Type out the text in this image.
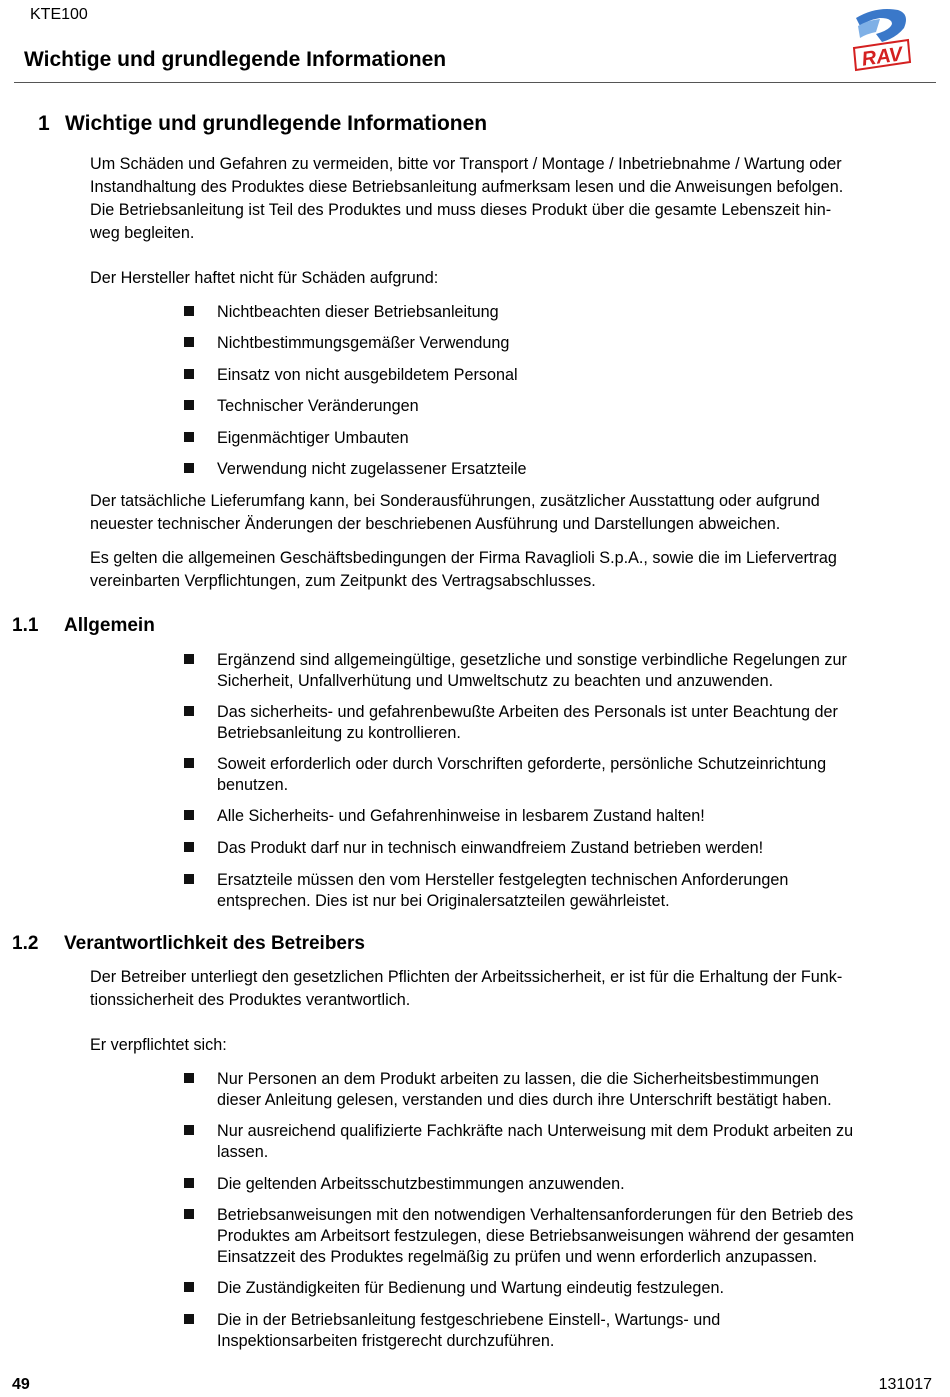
KTE100
Wichtige und grundlegende Informationen	RAV
1 Wichtige und grundlegende Informationen
Um Schäden und Gefahren zu vermeiden, bitte vor Transport / Montage / Inbetriebnahme / Wartung oder
Instandhaltung des Produktes diese Betriebsanleitung aufmerksam lesen und die Anweisungen befolgen.
Die Betriebsanleitung ist Teil des Produktes und muss dieses Produkt über die gesamte Lebenszeit hin-
weg begleiten.
Der Hersteller haftet nicht für Schäden aufgrund:
Nichtbeachten dieser Betriebsanleitung
Nichtbestimmungsgemäßer Verwendung
Einsatz von nicht ausgebildetem Personal
Technischer Veränderungen
Eigenmächtiger Umbauten
Verwendung nicht zugelassener Ersatzteile
Der tatsächliche Lieferumfang kann, bei Sonderausführungen, zusätzlicher Ausstattung oder aufgrund
neuester technischer Änderungen der beschriebenen Ausführung und Darstellungen abweichen.
Es gelten die allgemeinen Geschäftsbedingungen der Firma Ravaglioli S.p.A., sowie die im Liefervertrag
vereinbarten Verpflichtungen, zum Zeitpunkt des Vertragsabschlusses.
1.1 Allgemein
Ergänzend sind allgemeingültige, gesetzliche und sonstige verbindliche Regelungen zur
Sicherheit, Unfallverhütung und Umweltschutz zu beachten und anzuwenden.
Das sicherheits- und gefahrenbewußte Arbeiten des Personals ist unter Beachtung der
Betriebsanleitung zu kontrollieren.
Soweit erforderlich oder durch Vorschriften geforderte, persönliche Schutzeinrichtung
benutzen.
Alle Sicherheits- und Gefahrenhinweise in lesbarem Zustand halten!
Das Produkt darf nur in technisch einwandfreiem Zustand betrieben werden!
Ersatzteile müssen den vom Hersteller festgelegten technischen Anforderungen
entsprechen. Dies ist nur bei Originalersatzteilen gewährleistet.
1.2 Verantwortlichkeit des Betreibers
Der Betreiber unterliegt den gesetzlichen Pflichten der Arbeitssicherheit, er ist für die Erhaltung der Funk-
tionssicherheit des Produktes verantwortlich.
Er verpflichtet sich:
Nur Personen an dem Produkt arbeiten zu lassen, die die Sicherheitsbestimmungen
dieser Anleitung gelesen, verstanden und dies durch ihre Unterschrift bestätigt haben.
Nur ausreichend qualifizierte Fachkräfte nach Unterweisung mit dem Produkt arbeiten zu
lassen.
Die geltenden Arbeitsschutzbestimmungen anzuwenden.
Betriebsanweisungen mit den notwendigen Verhaltensanforderungen für den Betrieb des
Produktes am Arbeitsort festzulegen, diese Betriebsanweisungen während der gesamten
Einsatzzeit des Produktes regelmäßig zu prüfen und wenn erforderlich anzupassen.
Die Zuständigkeiten für Bedienung und Wartung eindeutig festzulegen.
Die in der Betriebsanleitung festgeschriebene Einstell-, Wartungs- und
Inspektionsarbeiten fristgerecht durchzuführen.
49	131017
